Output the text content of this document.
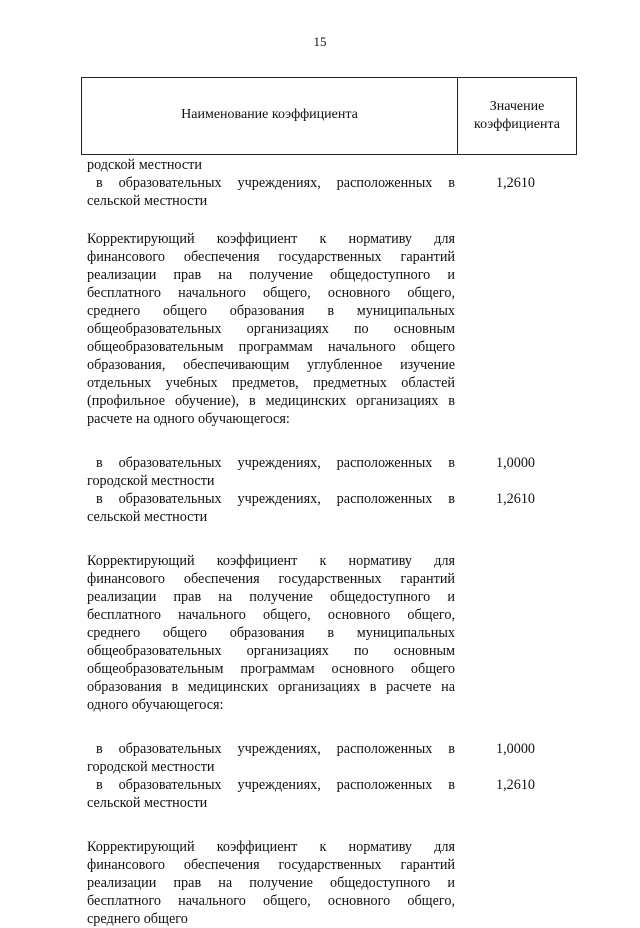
15
Наименование коэффициента
Значение
коэффициента
родской местности
в образовательных учреждениях, расположенных в сельской местности
1,2610
Корректирующий коэффициент к нормативу для финансового обеспечения государственных гарантий реализации прав на получение общедоступного и бесплатного начального общего, основного общего, среднего общего образования в муниципальных общеобразовательных организациях по основным общеобразовательным программам начального общего образования, обеспечивающим углубленное изучение отдельных учебных предметов, предметных областей (профильное обучение), в медицинских организациях в расчете на одного обучающегося:
в образовательных учреждениях, расположенных в городской местности
1,0000
в образовательных учреждениях, расположенных в сельской местности
1,2610
Корректирующий коэффициент к нормативу для финансового обеспечения государственных гарантий реализации прав на получение общедоступного и бесплатного начального общего, основного общего, среднего общего образования в муниципальных общеобразовательных организациях по основным общеобразовательным программам основного общего образования в медицинских организациях в расчете на одного обучающегося:
в образовательных учреждениях, расположенных в городской местности
1,0000
в образовательных учреждениях, расположенных в сельской местности
1,2610
Корректирующий коэффициент к нормативу для финансового обеспечения государственных гарантий реализации прав на получение общедоступного и бесплатного начального общего, основного общего, среднего общего
